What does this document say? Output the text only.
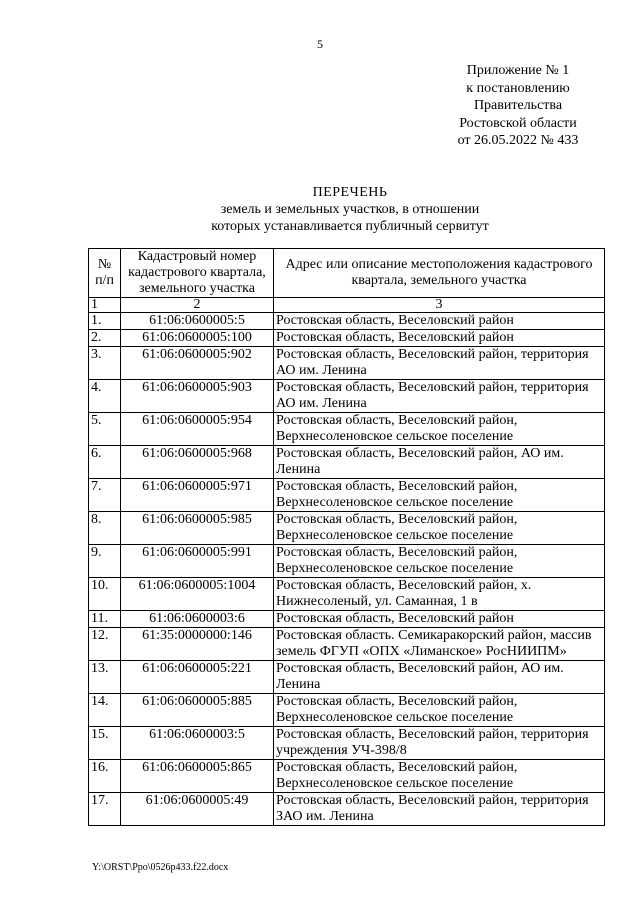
5
Приложение № 1
к постановлению
Правительства
Ростовской области
от 26.05.2022 № 433
ПЕРЕЧЕНЬ
земель и земельных участков, в отношении
которых устанавливается публичный сервитут
№ п/п	Кадастровый номер кадастрового квартала, земельного участка	Адрес или описание местоположения кадастрового квартала, земельного участка
1	2	3
1.	61:06:0600005:5	Ростовская область, Веселовский район
2.	61:06:0600005:100	Ростовская область, Веселовский район
3.	61:06:0600005:902	Ростовская область, Веселовский район, территория АО им. Ленина
4.	61:06:0600005:903	Ростовская область, Веселовский район, территория АО им. Ленина
5.	61:06:0600005:954	Ростовская область, Веселовский район, Верхнесоленовское сельское поселение
6.	61:06:0600005:968	Ростовская область, Веселовский район, АО им. Ленина
7.	61:06:0600005:971	Ростовская область, Веселовский район, Верхнесоленовское сельское поселение
8.	61:06:0600005:985	Ростовская область, Веселовский район, Верхнесоленовское сельское поселение
9.	61:06:0600005:991	Ростовская область, Веселовский район, Верхнесоленовское сельское поселение
10.	61:06:0600005:1004	Ростовская область, Веселовский район, х. Нижнесоленый, ул. Саманная, 1 в
11.	61:06:0600003:6	Ростовская область, Веселовский район
12.	61:35:0000000:146	Ростовская область. Семикаракорский район, массив земель ФГУП «ОПХ «Лиманское» РосНИИПМ»
13.	61:06:0600005:221	Ростовская область, Веселовский район, АО им. Ленина
14.	61:06:0600005:885	Ростовская область, Веселовский район, Верхнесоленовское сельское поселение
15.	61:06:0600003:5	Ростовская область, Веселовский район, территория учреждения УЧ-398/8
16.	61:06:0600005:865	Ростовская область, Веселовский район, Верхнесоленовское сельское поселение
17.	61:06:0600005:49	Ростовская область, Веселовский район, территория ЗАО им. Ленина
Y:\ORST\Ppo\0526p433.f22.docx
